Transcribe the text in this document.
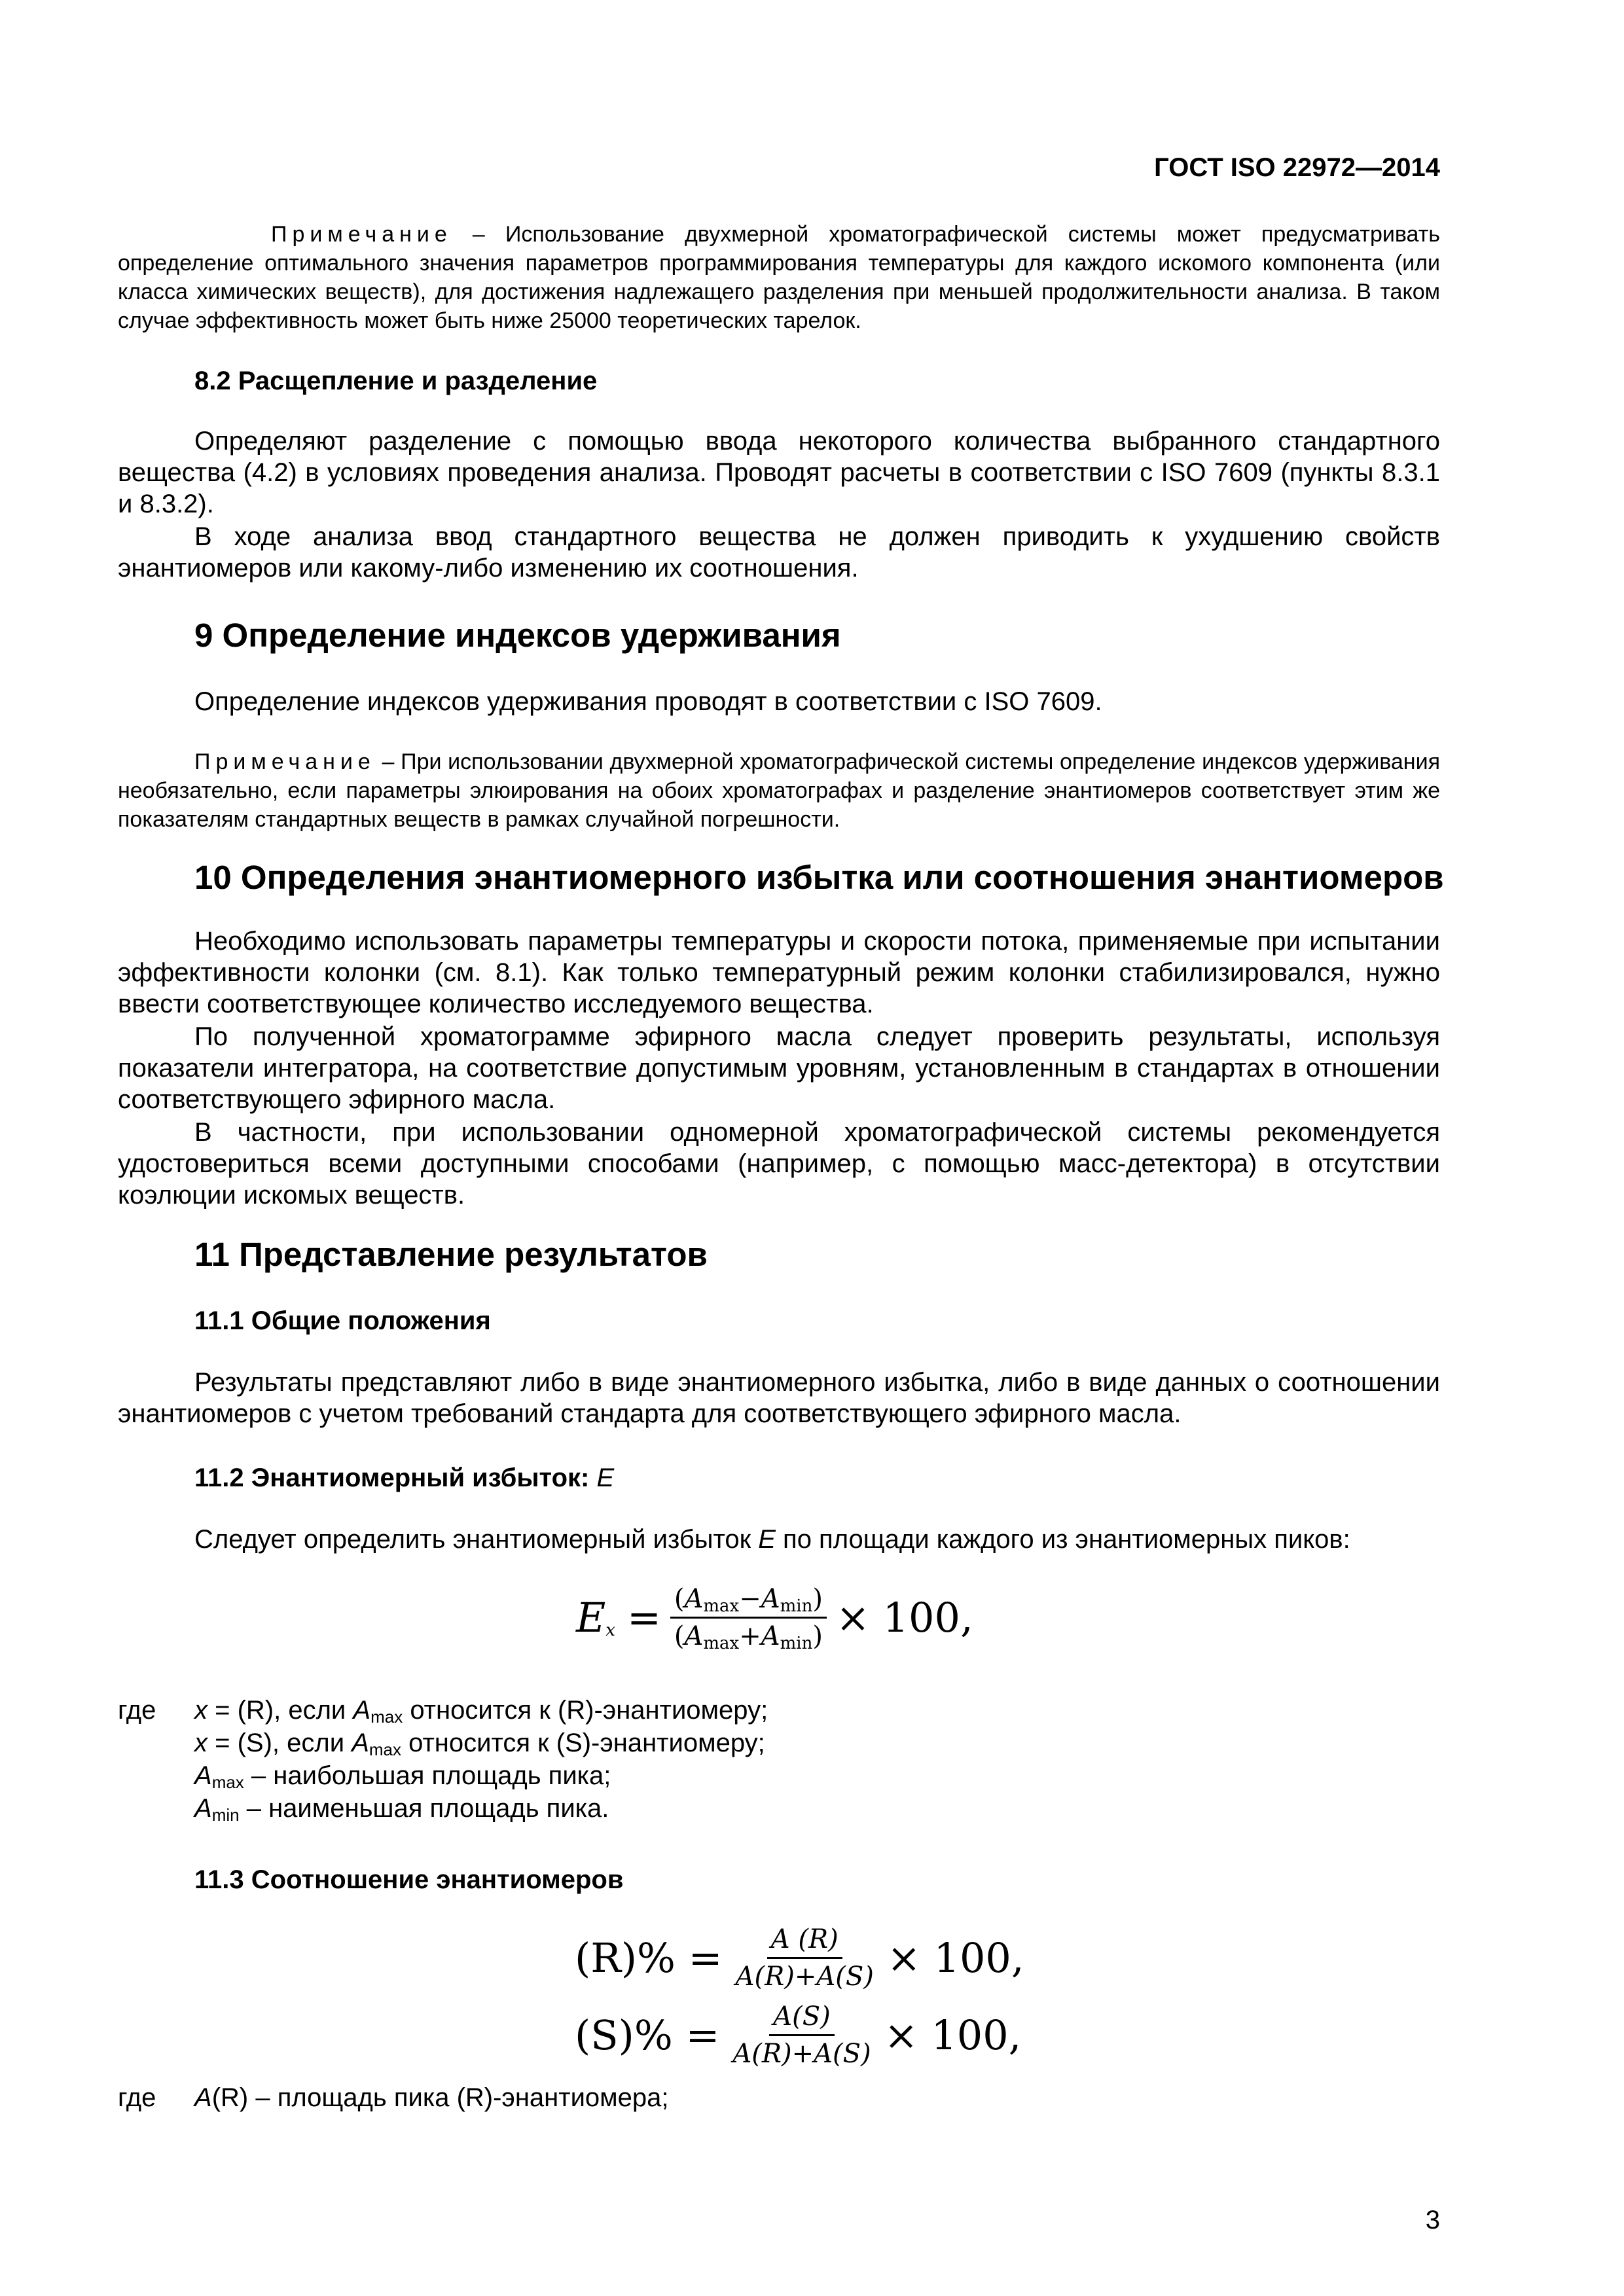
ГОСТ ISO 22972—2014
Примечание – Использование двухмерной хроматографической системы может предусматривать определение оптимального значения параметров программирования температуры для каждого искомого компонента (или класса химических веществ), для достижения надлежащего разделения при меньшей продолжительности анализа. В таком случае эффективность может быть ниже 25000 теоретических тарелок.
8.2 Расщепление и разделение
Определяют разделение с помощью ввода некоторого количества выбранного стандартного вещества (4.2) в условиях проведения анализа. Проводят расчеты в соответствии с ISO 7609 (пункты 8.3.1 и 8.3.2).
В ходе анализа ввод стандартного вещества не должен приводить к ухудшению свойств энантиомеров или какому-либо изменению их соотношения.
9 Определение индексов удерживания
Определение индексов удерживания проводят в соответствии с ISO 7609.
Примечание – При использовании двухмерной хроматографической системы определение индексов удерживания необязательно, если параметры элюирования на обоих хроматографах и разделение энантиомеров соответствует этим же показателям стандартных веществ в рамках случайной погрешности.
10 Определения энантиомерного избытка или соотношения энантиомеров
Необходимо использовать параметры температуры и скорости потока, применяемые при испытании эффективности колонки (см. 8.1). Как только температурный режим колонки стабилизировался, нужно ввести соответствующее количество исследуемого вещества.
По полученной хроматограмме эфирного масла следует проверить результаты, используя показатели интегратора, на соответствие допустимым уровням, установленным в стандартах в отношении соответствующего эфирного масла.
В частности, при использовании одномерной хроматографической системы рекомендуется удостовериться всеми доступными способами (например, с помощью масс-детектора) в отсутствии коэлюции искомых веществ.
11 Представление результатов
11.1 Общие положения
Результаты представляют либо в виде энантиомерного избытка, либо в виде данных о соотношении энантиомеров с учетом требований стандарта для соответствующего эфирного масла.
11.2 Энантиомерный избыток: E
Следует определить энантиомерный избыток E по площади каждого из энантиомерных пиков:
$E_x = \frac{(A_{max}-A_{min})}{(A_{max}+A_{min})} \times 100$,
где x = (R), если $A_{max}$ относится к (R)-энантиомеру;
x = (S), если $A_{max}$ относится к (S)-энантиомеру;
$A_{max}$ – наибольшая площадь пика;
$A_{min}$ – наименьшая площадь пика.
11.3 Соотношение энантиомеров
$(R)\% = \frac{A (R)}{A(R)+A(S)} \times 100$,
$(S)\% = \frac{A(S)}{A(R)+A(S)} \times 100$,
где A(R) – площадь пика (R)-энантиомера;
3
